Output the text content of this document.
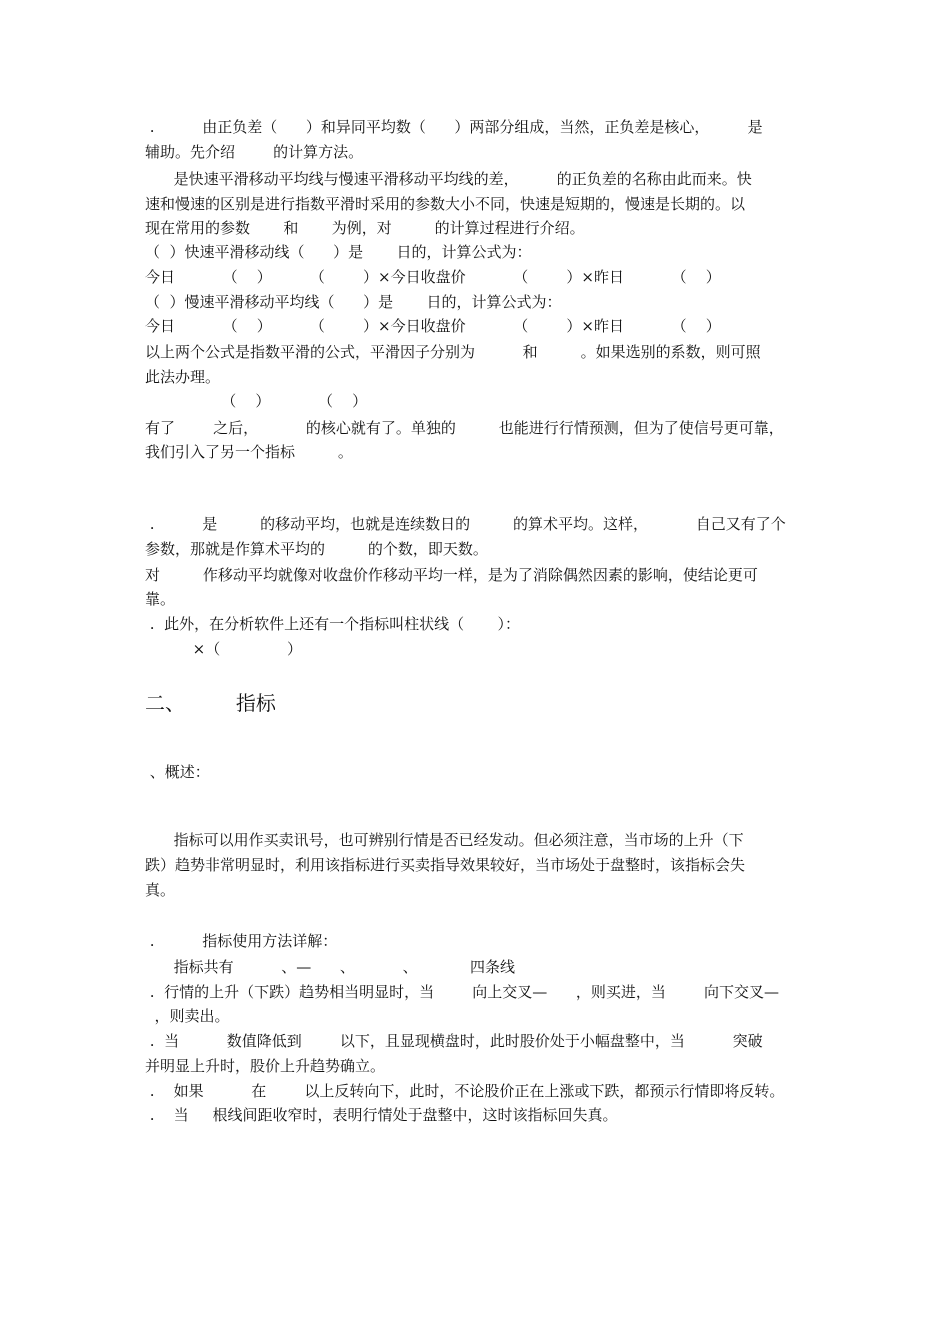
.          由正负差（      ）和异同平均数（      ）两部分组成，当然，正负差是核心，        是
辅助。先介绍        的计算方法。
是快速平滑移动平均线与慢速平滑移动平均线的差，        的正负差的名称由此而来。快
速和慢速的区别是进行指数平滑时采用的参数大小不同，快速是短期的，慢速是长期的。以
现在常用的参数       和       为例，对         的计算过程进行介绍。
（  ）快速平滑移动线（      ）是       日的，计算公式为：
今日          （    ）        （        ）×今日收盘价          （        ）×昨日          （    ）
（  ）慢速平滑移动平均线（      ）是       日的，计算公式为：
今日          （    ）        （        ）×今日收盘价          （        ）×昨日          （    ）
以上两个公式是指数平滑的公式，平滑因子分别为          和         。如果选别的系数，则可照
此法办理。
（    ）          （    ）
有了        之后，          的核心就有了。单独的         也能进行行情预测，但为了使信号更可靠，
我们引入了另一个指标         。
.          是         的移动平均，也就是连续数日的         的算术平均。这样，          自己又有了个
参数，那就是作算术平均的         的个数，即天数。
对         作移动平均就像对收盘价作移动平均一样，是为了消除偶然因素的影响，使结论更可
靠。
.  此外，在分析软件上还有一个指标叫柱状线（       ）：
×（              ）
、概述：
指标可以用作买卖讯号，也可辨别行情是否已经发动。但必须注意，当市场的上升（下
跌）趋势非常明显时，利用该指标进行买卖指导效果较好，当市场处于盘整时，该指标会失
真。
.          指标使用方法详解：
指标共有          、—      、          、           四条线
.  行情的上升（下跌）趋势相当明显时，当        向上交叉—      ，则买进，当        向下交叉—
，则卖出。
.  当          数值降低到        以下，且显现横盘时，此时股价处于小幅盘整中，当          突破
并明显上升时，股价上升趋势确立。
.    如果          在        以上反转向下，此时，不论股价正在上涨或下跌，都预示行情即将反转。
.    当     根线间距收窄时，表明行情处于盘整中，这时该指标回失真。
二、        指标
